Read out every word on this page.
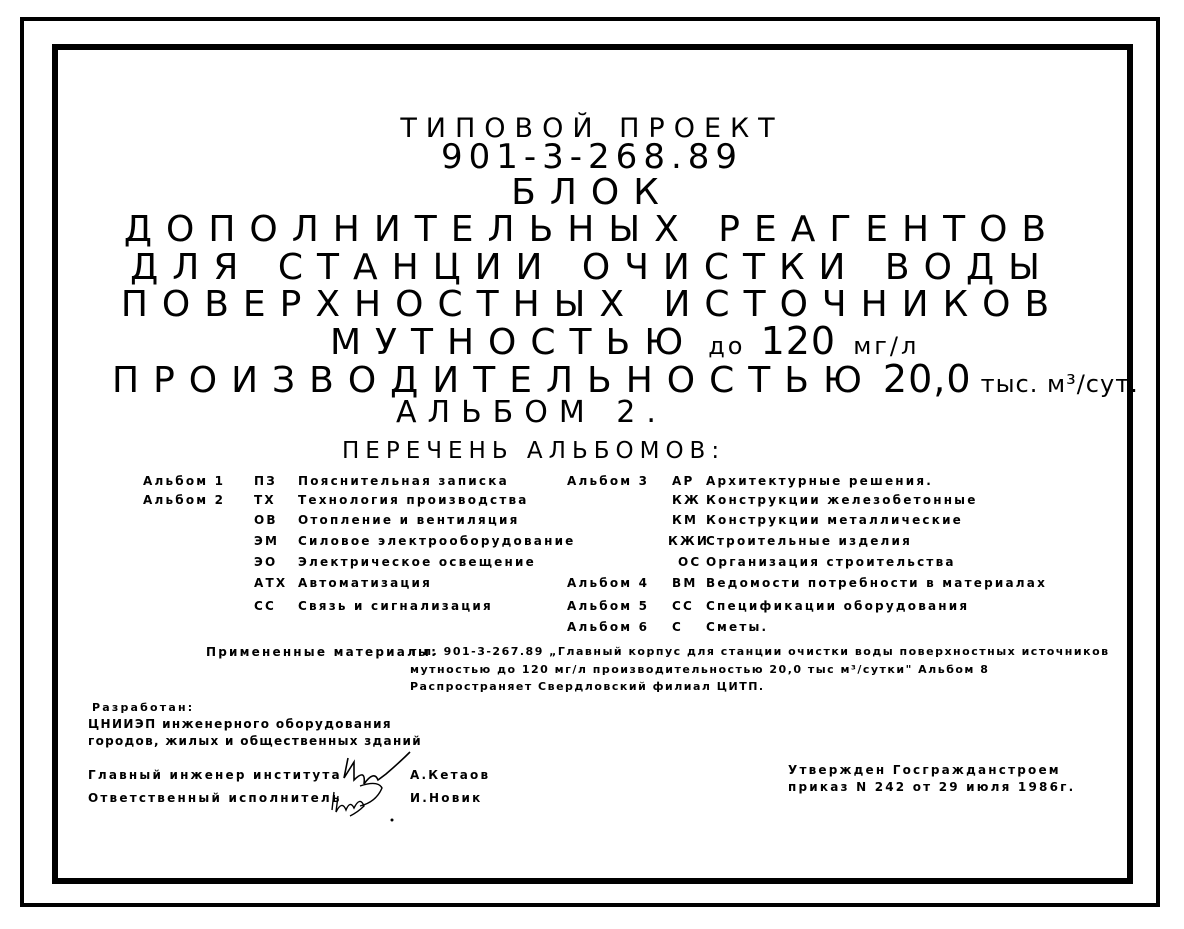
ТИПОВОЙ ПРОЕКТ
901-3-268.89
БЛОК
ДОПОЛНИТЕЛЬНЫХ РЕАГЕНТОВ
ДЛЯ СТАНЦИИ ОЧИСТКИ ВОДЫ
ПОВЕРХНОСТНЫХ ИСТОЧНИКОВ
МУТНОСТЬЮ до 120 мг/л
ПРОИЗВОДИТЕЛЬНОСТЬЮ 20,0 тыс. м³/сут.
АЛЬБОМ 2.
ПЕРЕЧЕНЬ АЛЬБОМОВ:
Альбом 1 ПЗ Пояснительная записка
Альбом 2 ТХ Технология производства
ОВ Отопление и вентиляция
ЭМ Силовое электрооборудование
ЭО Электрическое освещение
АТХ Автоматизация
СС Связь и сигнализация
Альбом 3 АР Архитектурные решения.
КЖ Конструкции железобетонные
КМ Конструкции металлические
КЖИ
Строительные изделия
ОС Организация строительства
Альбом 4 ВМ Ведомости потребности в материалах
Альбом 5 СС Спецификации оборудования
Альбом 6 С Сметы.
Примененные материалы:
т.п. 901-3-267.89 „Главный корпус для станции очистки воды поверхностных источников
мутностью до 120 мг/л производительностью 20,0 тыс м³/сутки" Альбом 8
Распространяет Свердловский филиал ЦИТП.
Разработан:
ЦНИИЭП инженерного оборудования
городов, жилых и общественных зданий
Главный инженер института	А.Кетаов
Ответственный исполнитель	И.Новик
Утвержден Госгражданстроем
приказ N 242 от 29 июля 1986г.
